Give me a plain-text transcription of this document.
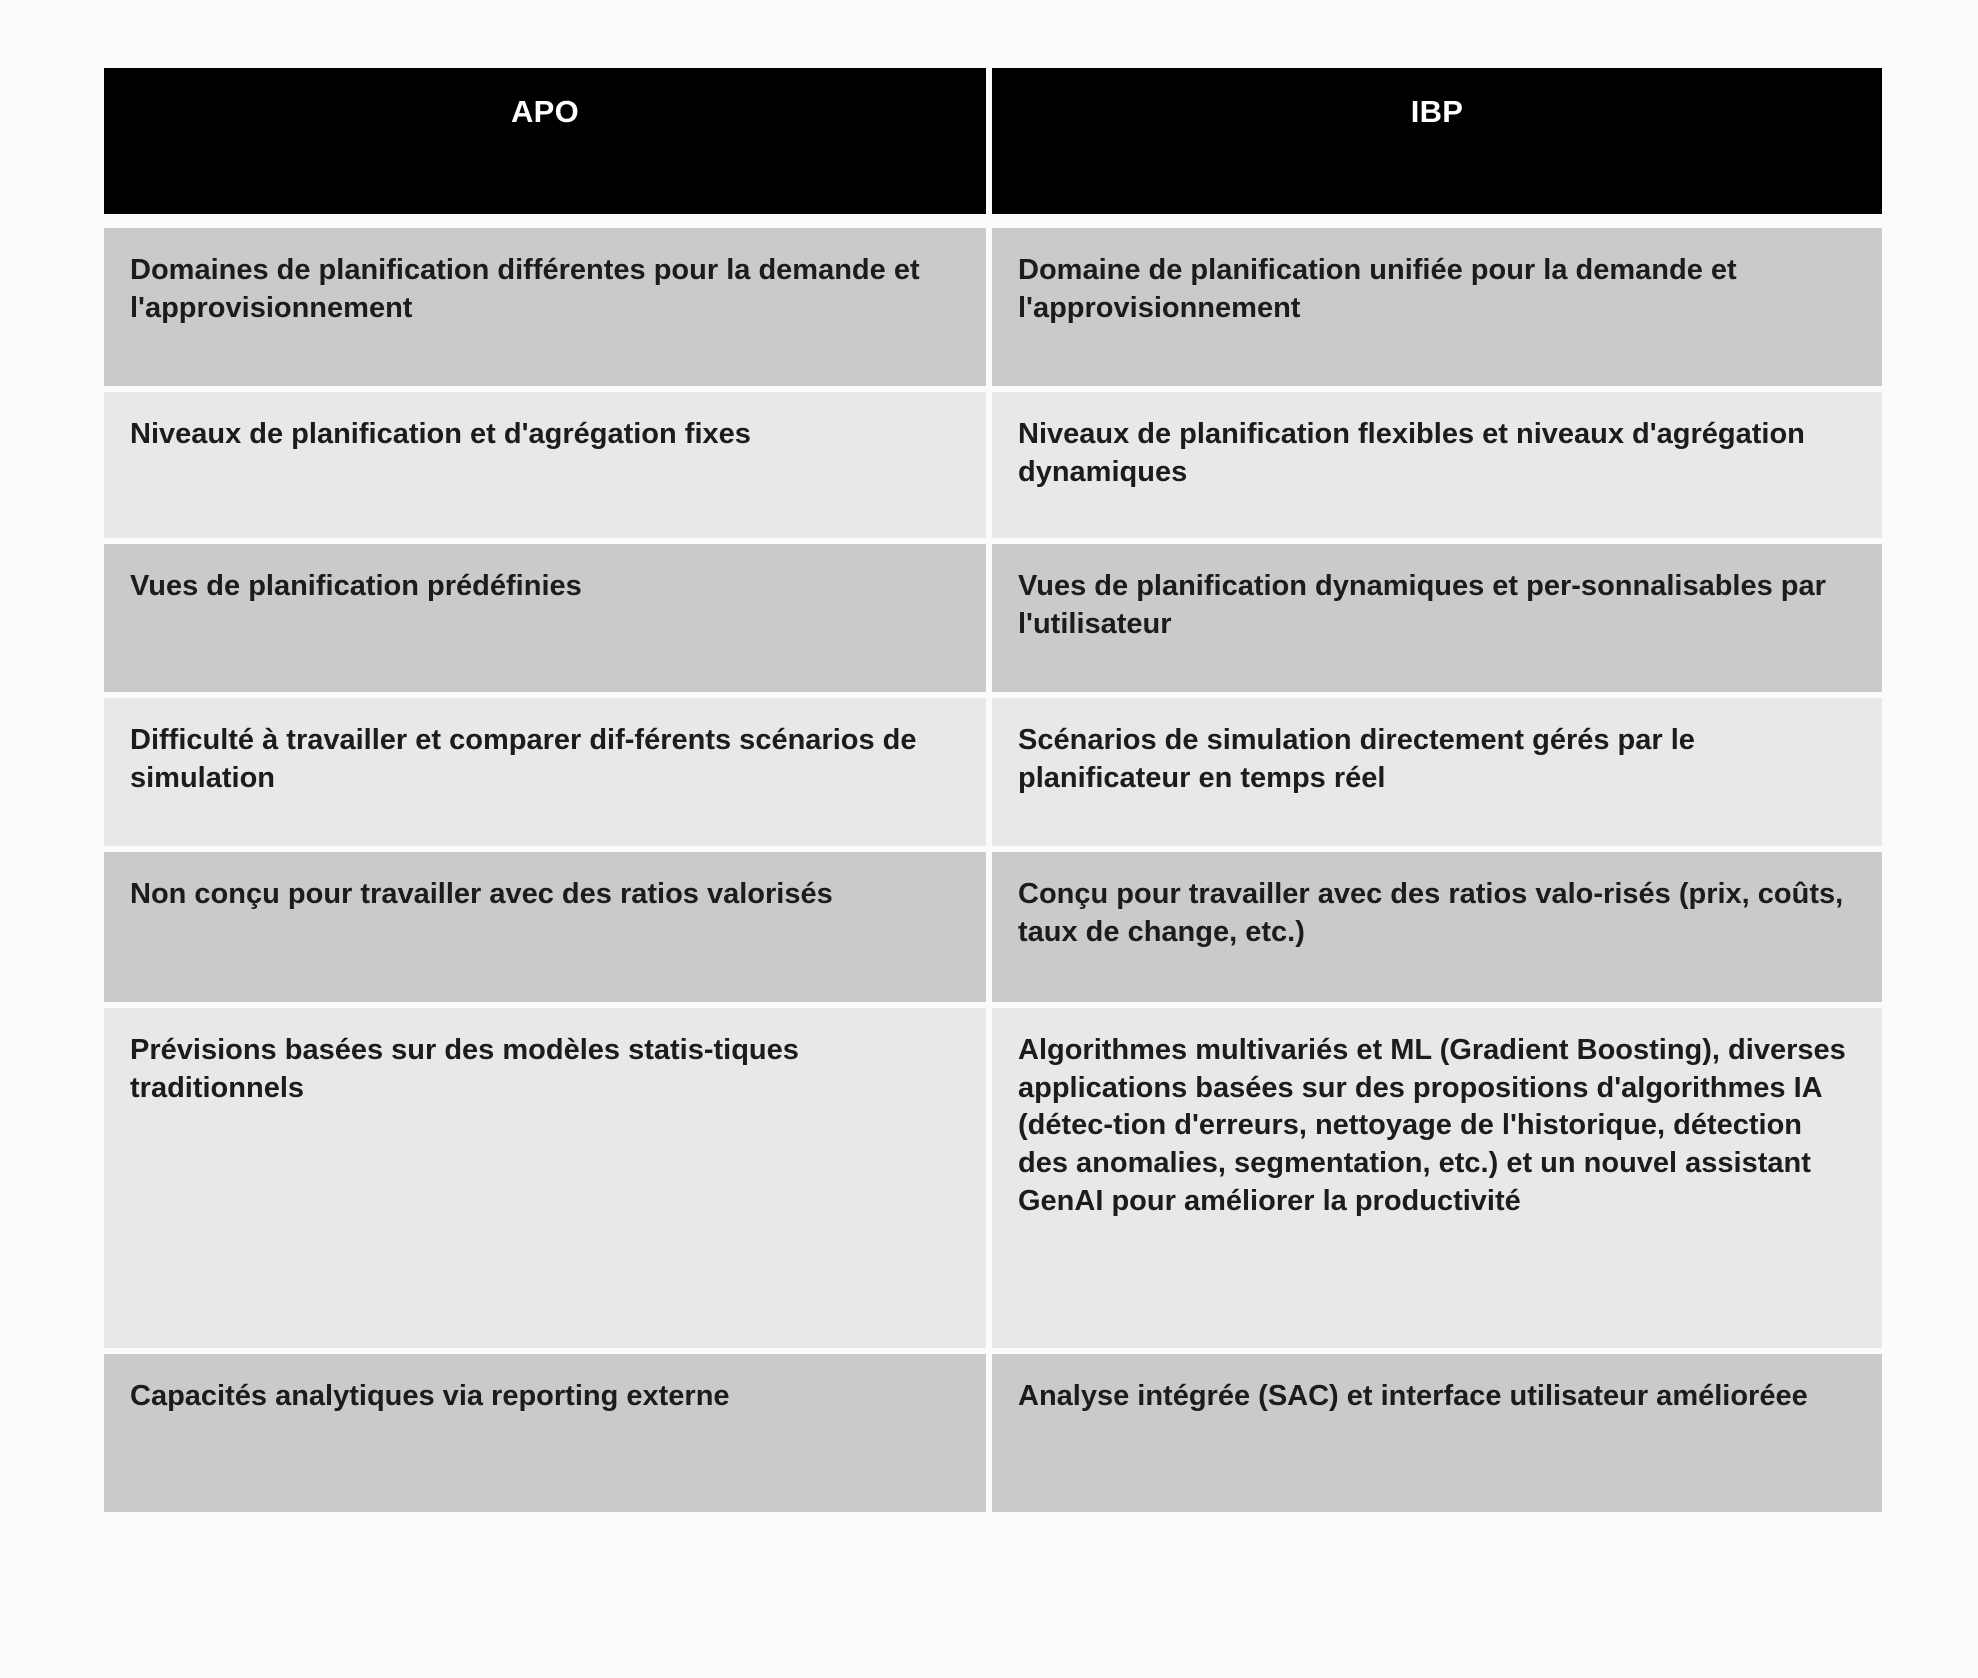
APO	IBP

Domaines de planification différentes pour la demande et l'approvisionnement	Domaine de planification unifiée pour la demande et l'approvisionnement

Niveaux de planification et d'agrégation fixes	Niveaux de planification flexibles et niveaux d'agrégation dynamiques

Vues de planification prédéfinies	Vues de planification dynamiques et per-sonnalisables par l'utilisateur

Difficulté à travailler et comparer dif-férents scénarios de simulation	Scénarios de simulation directement gérés par le planificateur en temps réel

Non conçu pour travailler avec des ratios valorisés	Conçu pour travailler avec des ratios valo-risés (prix, coûts, taux de change, etc.)

Prévisions basées sur des modèles statis-tiques traditionnels	Algorithmes multivariés et ML (Gradient Boosting), diverses applications basées sur des propositions d'algorithmes IA (détec-tion d'erreurs, nettoyage de l'historique, détection des anomalies, segmentation, etc.) et un nouvel assistant GenAI pour améliorer la productivité

Capacités analytiques via reporting externe	Analyse intégrée (SAC) et interface utilisateur amélioréee
